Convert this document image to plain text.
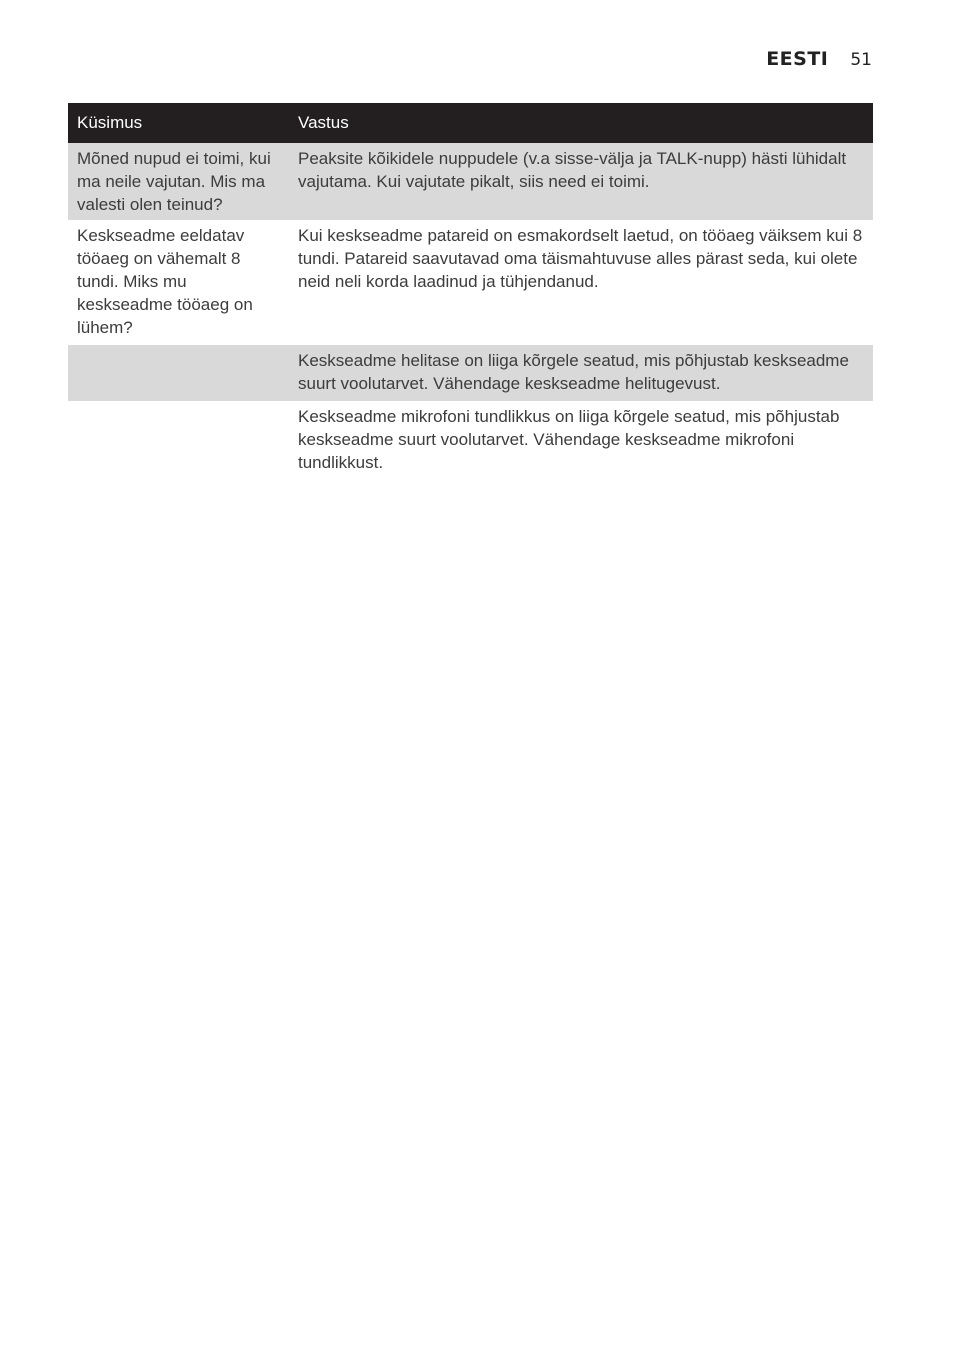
EESTI 51
Küsimus	Vastus
Mõned nupud ei toimi, kui ma neile vajutan. Mis ma valesti olen teinud?	Peaksite kõikidele nuppudele (v.a sisse-välja ja TALK-nupp) hästi lühidalt vajutama. Kui vajutate pikalt, siis need ei toimi.
Keskseadme eeldatav tööaeg on vähemalt 8 tundi. Miks mu keskseadme tööaeg on lühem?	Kui keskseadme patareid on esmakordselt laetud, on tööaeg väiksem kui 8 tundi. Patareid saavutavad oma täismahtuvuse alles pärast seda, kui olete neid neli korda laadinud ja tühjendanud.
	Keskseadme helitase on liiga kõrgele seatud, mis põhjustab keskseadme suurt voolutarvet. Vähendage keskseadme helitugevust.
	Keskseadme mikrofoni tundlikkus on liiga kõrgele seatud, mis põhjustab keskseadme suurt voolutarvet. Vähendage keskseadme mikrofoni tundlikkust.
